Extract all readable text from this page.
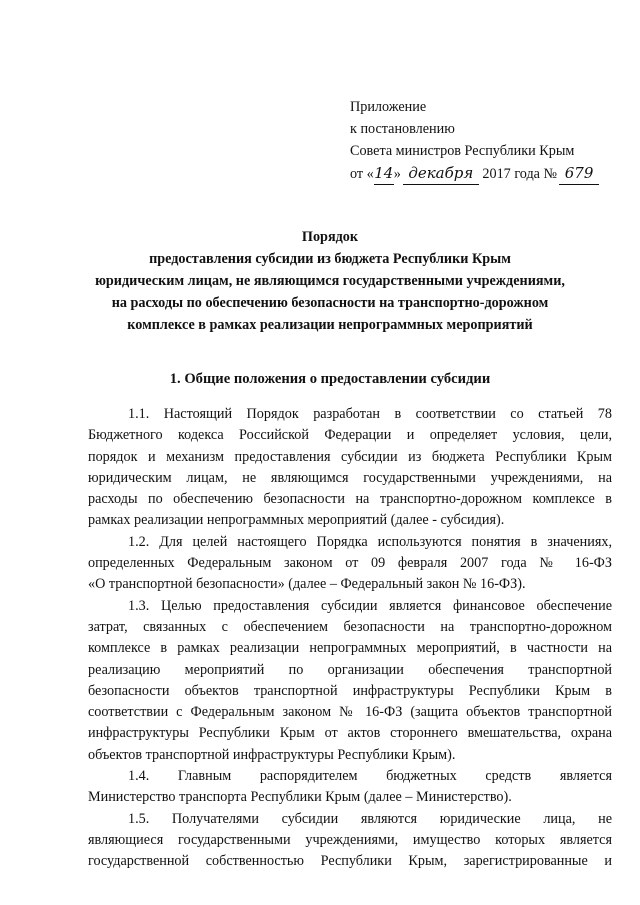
Приложение
к постановлению
Совета министров Республики Крым
от «14» декабря 2017 года № 679
Порядок
предоставления субсидии из бюджета Республики Крым
юридическим лицам, не являющимся государственными учреждениями,
на расходы по обеспечению безопасности на транспортно-дорожном
комплексе в рамках реализации непрограммных мероприятий
1. Общие положения о предоставлении субсидии
1.1. Настоящий Порядок разработан в соответствии со статьей 78
Бюджетного кодекса Российской Федерации и определяет условия, цели,
порядок и механизм предоставления субсидии из бюджета Республики Крым
юридическим лицам, не являющимся государственными учреждениями, на
расходы по обеспечению безопасности на транспортно-дорожном комплексе в
рамках реализации непрограммных мероприятий (далее - субсидия).
1.2. Для целей настоящего Порядка используются понятия в значениях,
определенных Федеральным законом от 09 февраля 2007 года № 16-ФЗ
«О транспортной безопасности» (далее – Федеральный закон № 16-ФЗ).
1.3. Целью предоставления субсидии является финансовое обеспечение
затрат, связанных с обеспечением безопасности на транспортно-дорожном
комплексе в рамках реализации непрограммных мероприятий, в частности на
реализацию мероприятий по организации обеспечения транспортной
безопасности объектов транспортной инфраструктуры Республики Крым в
соответствии с Федеральным законом № 16-ФЗ (защита объектов транспортной
инфраструктуры Республики Крым от актов стороннего вмешательства, охрана
объектов транспортной инфраструктуры Республики Крым).
1.4. Главным распорядителем бюджетных средств является
Министерство транспорта Республики Крым (далее – Министерство).
1.5. Получателями субсидии являются юридические лица, не
являющиеся государственными учреждениями, имущество которых является
государственной собственностью Республики Крым, зарегистрированные и
